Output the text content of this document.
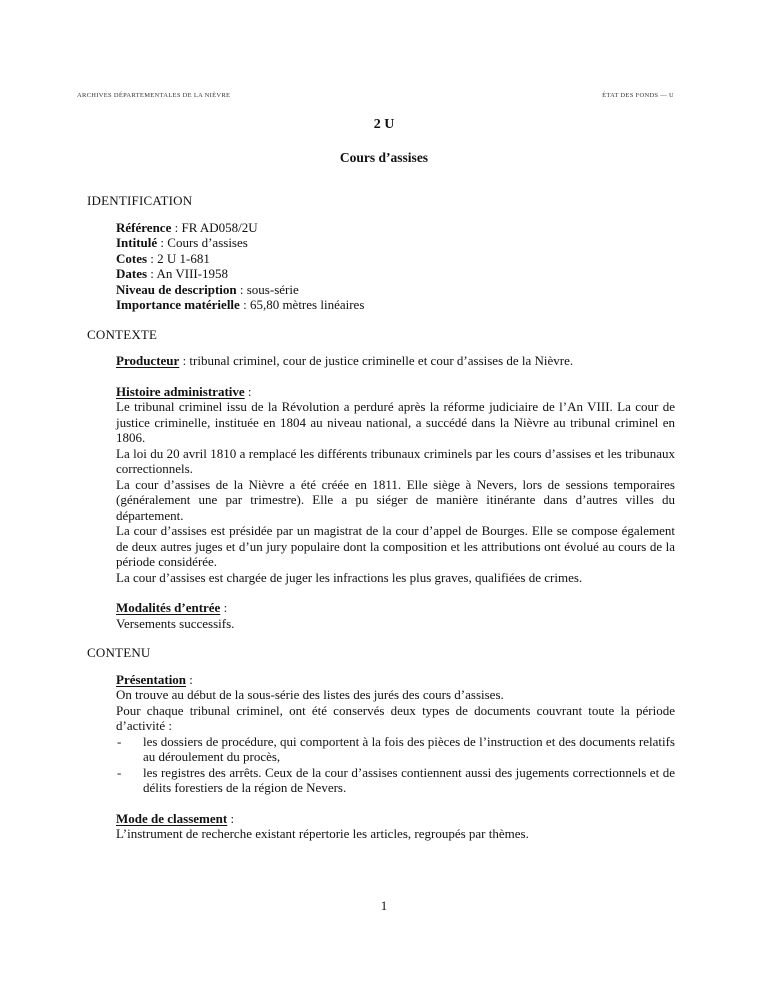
ARCHIVES DÉPARTEMENTALES DE LA NIÈVRE	ÉTAT DES FONDS — U
2 U
Cours d’assises
IDENTIFICATION
Référence : FR AD058/2U
Intitulé : Cours d’assises
Cotes : 2 U 1-681
Dates : An VIII-1958
Niveau de description : sous-série
Importance matérielle : 65,80 mètres linéaires
CONTEXTE

Producteur : tribunal criminel, cour de justice criminelle et cour d’assises de la Nièvre.

Histoire administrative :

Le tribunal criminel issu de la Révolution a perduré après la réforme judiciaire de l’An VIII. La cour de justice criminelle, instituée en 1804 au niveau national, a succédé dans la Nièvre au tribunal criminel en 1806.

La loi du 20 avril 1810 a remplacé les différents tribunaux criminels par les cours d’assises et les tribunaux correctionnels.

La cour d’assises de la Nièvre a été créée en 1811. Elle siège à Nevers, lors de sessions temporaires (généralement une par trimestre). Elle a pu siéger de manière itinérante dans d’autres villes du département.

La cour d’assises est présidée par un magistrat de la cour d’appel de Bourges. Elle se compose également de deux autres juges et d’un jury populaire dont la composition et les attributions ont évolué au cours de la période considérée.

La cour d’assises est chargée de juger les infractions les plus graves, qualifiées de crimes.

Modalités d’entrée :

Versements successifs.

CONTENU

Présentation :

On trouve au début de la sous-série des listes des jurés des cours d’assises.

Pour chaque tribunal criminel, ont été conservés deux types de documents couvrant toute la période d’activité :

- les dossiers de procédure, qui comportent à la fois des pièces de l’instruction et des documents relatifs au déroulement du procès,
- les registres des arrêts. Ceux de la cour d’assises contiennent aussi des jugements correctionnels et de délits forestiers de la région de Nevers.

Mode de classement :

L’instrument de recherche existant répertorie les articles, regroupés par thèmes.

1
